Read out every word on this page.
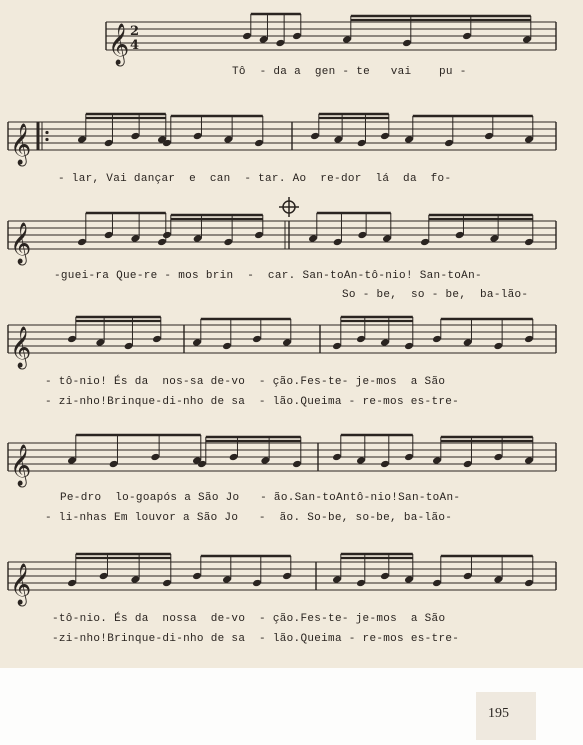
𝄞 2
4
𝄞
𝄞
𝄞
𝄞
𝄞
Tô  - da a  gen - te   vai    pu -
- lar, Vai dançar  e  can  - tar. Ao  re-dor  lá  da  fo-
-guei-ra Que-re - mos brin  -  car. San-toAn-tô-nio! San-toAn-
So - be,  so - be,  ba-lão-
- tô-nio! És da  nos-sa de-vo  - ção.Fes-te- je-mos  a São
- zi-nho!Brinque-di-nho de sa  - lão.Queima - re-mos es-tre-
Pe-dro  lo-goapós a São Jo   - ão.San-toAntô-nio!San-toAn-
- li-nhas Em louvor a São Jo   -  ão. So-be, so-be, ba-lão-
-tô-nio. És da  nossa  de-vo  - ção.Fes-te- je-mos  a São
-zi-nho!Brinque-di-nho de sa  - lão.Queima - re-mos es-tre-
195
